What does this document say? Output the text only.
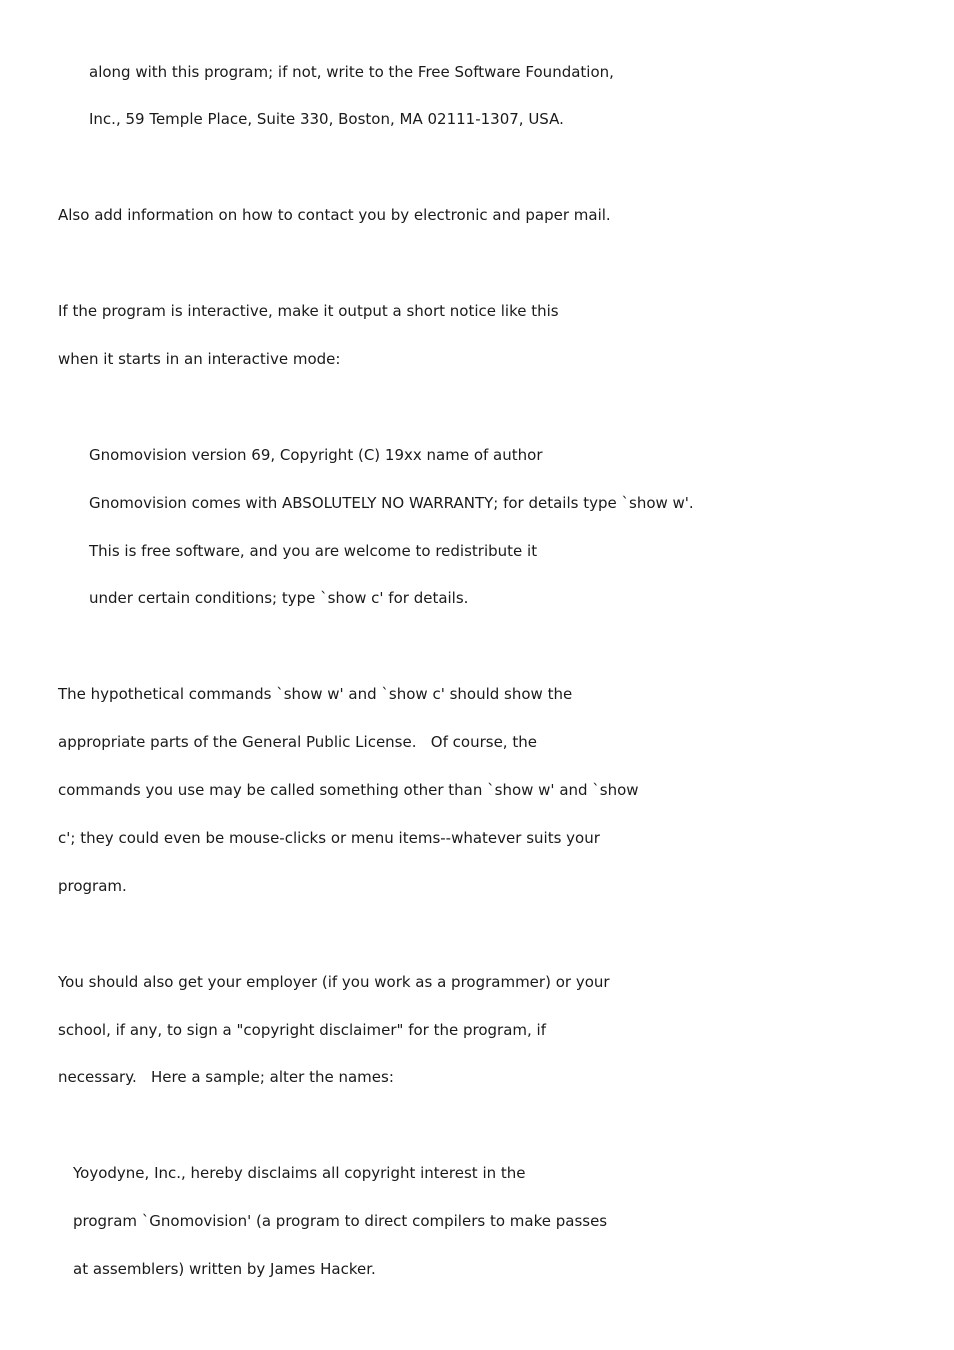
along with this program; if not, write to the Free Software Foundation,

Inc., 59 Temple Place, Suite 330, Boston, MA 02111-1307, USA.

Also add information on how to contact you by electronic and paper mail.

If the program is interactive, make it output a short notice like this

when it starts in an interactive mode:

Gnomovision version 69, Copyright (C) 19xx name of author

Gnomovision comes with ABSOLUTELY NO WARRANTY; for details type `show w'.

This is free software, and you are welcome to redistribute it

under certain conditions; type `show c' for details.

The hypothetical commands `show w' and `show c' should show the

appropriate parts of the General Public License.   Of course, the

commands you use may be called something other than `show w' and `show

c'; they could even be mouse-clicks or menu items--whatever suits your

program.

You should also get your employer (if you work as a programmer) or your

school, if any, to sign a "copyright disclaimer" for the program, if

necessary.   Here a sample; alter the names:

Yoyodyne, Inc., hereby disclaims all copyright interest in the

program `Gnomovision' (a program to direct compilers to make passes

at assemblers) written by James Hacker.
